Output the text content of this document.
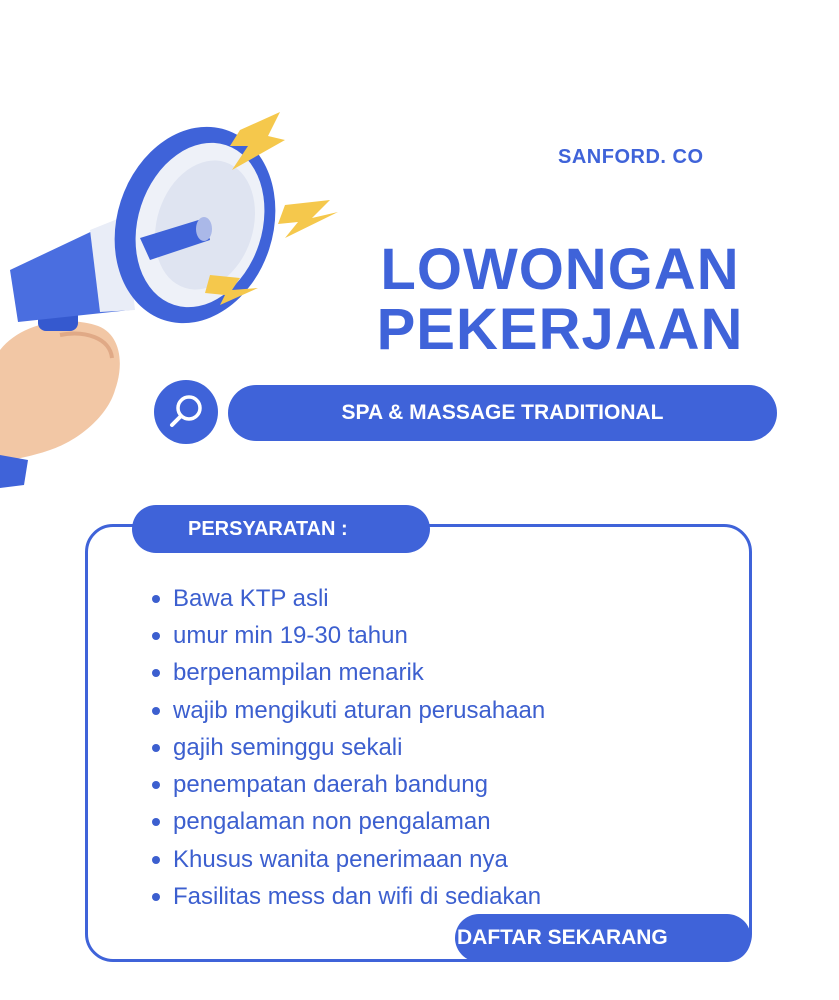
SANFORD. CO
LOWONGAN
PEKERJAAN
SPA & MASSAGE TRADITIONAL
PERSYARATAN :
Bawa KTP asli
umur min 19-30 tahun
berpenampilan menarik
wajib mengikuti aturan perusahaan
gajih seminggu sekali
penempatan daerah bandung
pengalaman non pengalaman
Khusus wanita penerimaan nya
Fasilitas mess dan wifi di sediakan
DAFTAR SEKARANG
